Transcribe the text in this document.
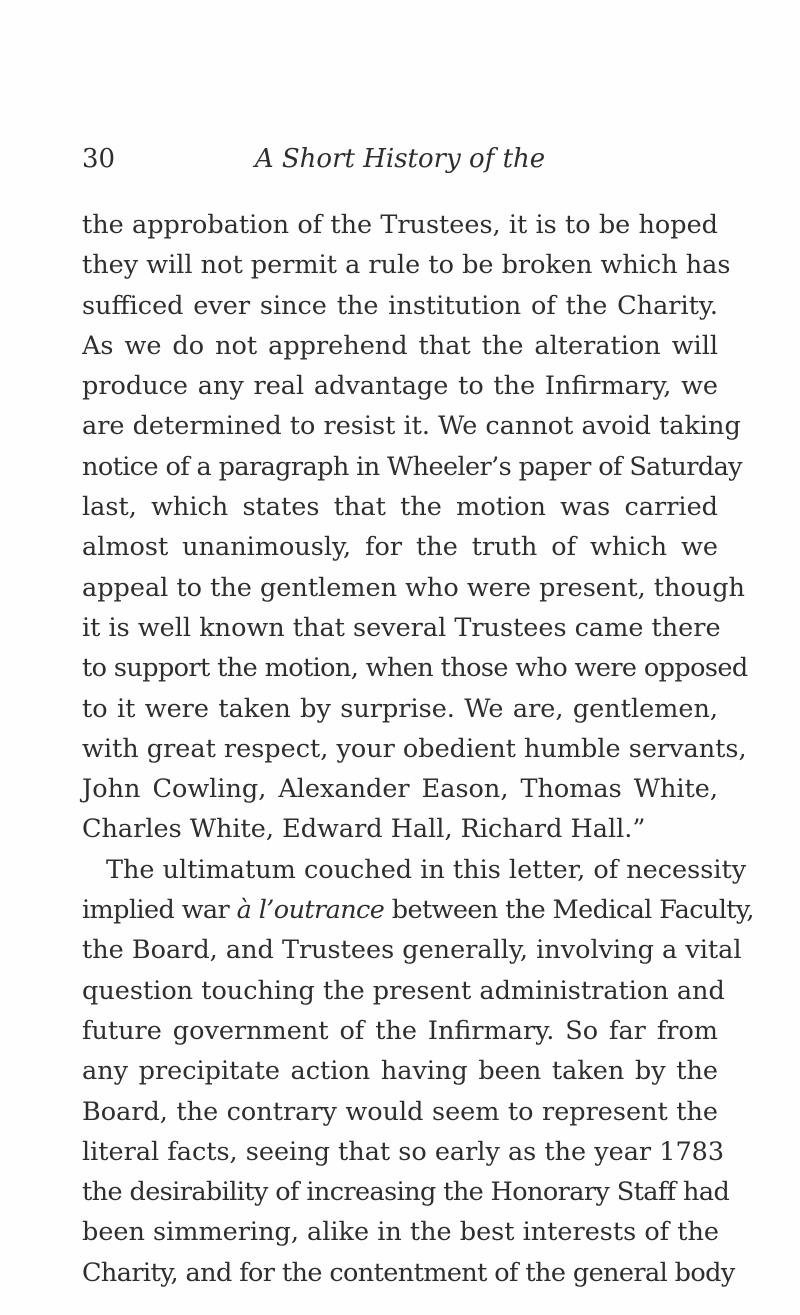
30	A Short History of the
the approbation of the Trustees, it is to be hoped
they will not permit a rule to be broken which has
sufficed ever since the institution of the Charity.
As we do not apprehend that the alteration will
produce any real advantage to the Infirmary, we
are determined to resist it. We cannot avoid taking
notice of a paragraph in Wheeler’s paper of Saturday
last, which states that the motion was carried
almost unanimously, for the truth of which we
appeal to the gentlemen who were present, though
it is well known that several Trustees came there
to support the motion, when those who were opposed
to it were taken by surprise. We are, gentlemen,
with great respect, your obedient humble servants,
John Cowling, Alexander Eason, Thomas White,
Charles White, Edward Hall, Richard Hall.”
The ultimatum couched in this letter, of necessity
implied war à l’outrance between the Medical Faculty,
the Board, and Trustees generally, involving a vital
question touching the present administration and
future government of the Infirmary. So far from
any precipitate action having been taken by the
Board, the contrary would seem to represent the
literal facts, seeing that so early as the year 1783
the desirability of increasing the Honorary Staff had
been simmering, alike in the best interests of the
Charity, and for the contentment of the general body
